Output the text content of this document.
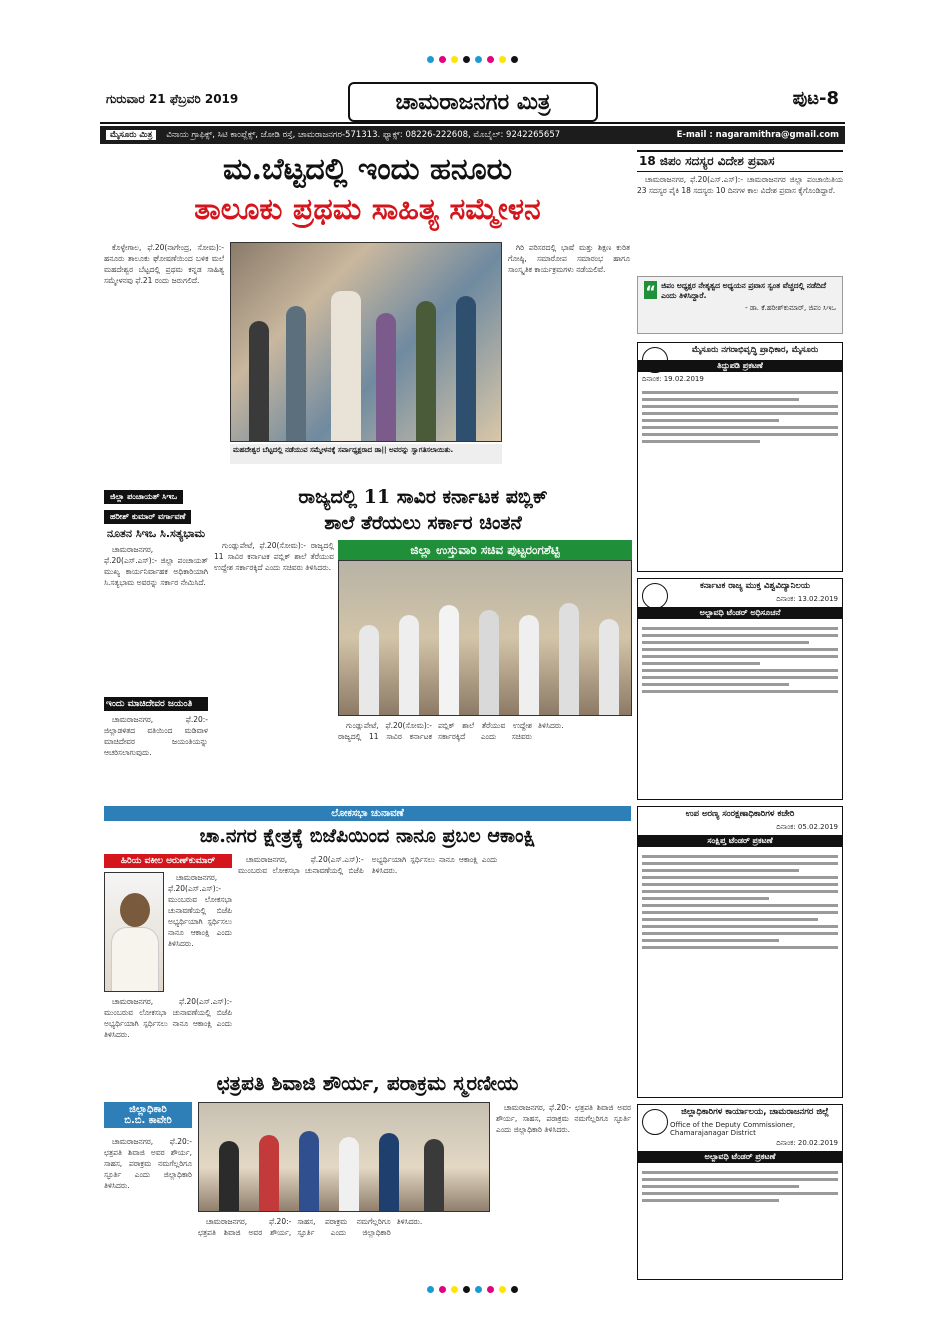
ಗುರುವಾರ 21 ಫೆಬ್ರವರಿ 2019	ಚಾಮರಾಜನಗರ ಮಿತ್ರ	ಪುಟ-8
ಮೈಸೂರು ಮಿತ್ರ	ವಿನಾಯ ಗ್ರಾಫಿಕ್ಸ್, ಸಿಟಿ ಕಾಂಪ್ಲೆಕ್ಸ್, ಜೋಡಿ ರಸ್ತೆ, ಚಾಮರಾಜನಗರ-571313. ಫ್ಯಾಕ್ಸ್: 08226-222608, ಮೊಬೈಲ್: 9242265657	E-mail : nagaramithra@gmail.com
ಮ.ಬೆಟ್ಟದಲ್ಲಿ ಇಂದು ಹನೂರು
ತಾಲೂಕು ಪ್ರಥಮ ಸಾಹಿತ್ಯ ಸಮ್ಮೇಳನ

ಕೊಳ್ಳೇಗಾಲ, ಫೆ.20(ನಾಗೇಂದ್ರ, ಸೋಮ):- ಹನೂರು ತಾಲೂಕು ಘೋಷಣೆಯಿಂದ ಬಳಿಕ ಮಲೆ ಮಹದೇಶ್ವರ ಬೆಟ್ಟದಲ್ಲಿ ಪ್ರಥಮ ಕನ್ನಡ ಸಾಹಿತ್ಯ ಸಮ್ಮೇಳನವು ಫೆ.21 ರಂದು ಜರುಗಲಿದೆ.

ಮಹದೇಶ್ವರ ಬೆಟ್ಟದಲ್ಲಿ ನಡೆಯುವ ಸಮ್ಮೇಳನಕ್ಕೆ ಸರ್ವಾಧ್ಯಕ್ಷರಾದ ಡಾ|| ಅವರನ್ನು ಸ್ವಾಗತಿಸಲಾಯಿತು.

ಗಿರಿ ಪರಿಸರದಲ್ಲಿ ಭಾಷೆ ಮತ್ತು ಶಿಕ್ಷಣ ಕುರಿತ ಗೋಷ್ಠಿ, ಸಮಾರೋಪ ಸಮಾರಂಭ ಹಾಗೂ ಸಾಂಸ್ಕೃತಿಕ ಕಾರ್ಯಕ್ರಮಗಳು ನಡೆಯಲಿವೆ.

18 ಜಿಪಂ ಸದಸ್ಯರ ವಿದೇಶ ಪ್ರವಾಸ

ಚಾಮರಾಜನಗರ, ಫೆ.20(ಎಸ್.ಎಸ್):- ಚಾಮರಾಜನಗರ ಜಿಲ್ಲಾ ಪಂಚಾಯಿತಿಯ 23 ಸದಸ್ಯರ ಪೈಕಿ 18 ಸದಸ್ಯರು 10 ದಿನಗಳ ಕಾಲ ವಿದೇಶ ಪ್ರವಾಸ ಕೈಗೊಂಡಿದ್ದಾರೆ.

“ ಜಿಪಂ ಅಧ್ಯಕ್ಷರ ನೇತೃತ್ವದ ಅಧ್ಯಯನ ಪ್ರವಾಸ ಸ್ವಂತ ವೆಚ್ಚದಲ್ಲಿ ನಡೆದಿದೆ ಎಂದು ತಿಳಿಸಿದ್ದಾರೆ.
- ಡಾ. ಕೆ.ಹರೀಶ್‌ಕುಮಾರ್, ಜಿಪಂ ಸಿಇಒ
ಮೈಸೂರು ನಗರಾಭಿವೃದ್ಧಿ ಪ್ರಾಧಿಕಾರ, ಮೈಸೂರು
ತಿದ್ದುಪಡಿ ಪ್ರಕಟಣೆ
ದಿನಾಂಕ: 19.02.2019
ಕರ್ನಾಟಕ ರಾಜ್ಯ ಮುಕ್ತ ವಿಶ್ವವಿದ್ಯಾನಿಲಯ
ದಿನಾಂಕ: 13.02.2019
ಅಲ್ಪಾವಧಿ ಟೆಂಡರ್ ಅಧಿಸೂಚನೆ
ಉಪ ಅರಣ್ಯ ಸಂರಕ್ಷಣಾಧಿಕಾರಿಗಳ ಕಚೇರಿ
ದಿನಾಂಕ: 05.02.2019
ಸಂಕ್ಷಿಪ್ತ ಟೆಂಡರ್ ಪ್ರಕಟಣೆ
ಜಿಲ್ಲಾಧಿಕಾರಿಗಳ ಕಾರ್ಯಾಲಯ, ಚಾಮರಾಜನಗರ ಜಿಲ್ಲೆ
Office of the Deputy Commissioner, Chamarajanagar District
ದಿನಾಂಕ: 20.02.2019
ಅಲ್ಪಾವಧಿ ಟೆಂಡರ್ ಪ್ರಕಟಣೆ
ಜಿಲ್ಲಾ ಪಂಚಾಯತ್ ಸಿಇಒ ಹರೀಶ್ ಕುಮಾರ್ ವರ್ಗಾವಣೆ
ನೂತನ ಸಿಇಒ ಸಿ.ಸತ್ಯಭಾಮ

ಚಾಮರಾಜನಗರ, ಫೆ.20(ಎಸ್.ಎಸ್):- ಜಿಲ್ಲಾ ಪಂಚಾಯತ್ ಮುಖ್ಯ ಕಾರ್ಯನಿರ್ವಾಹಕ ಅಧಿಕಾರಿಯಾಗಿ ಸಿ.ಸತ್ಯಭಾಮ ಅವರನ್ನು ಸರ್ಕಾರ ನೇಮಿಸಿದೆ.

ಇಂದು ಮಾಚಿದೇವರ ಜಯಂತಿ

ಚಾಮರಾಜನಗರ, ಫೆ.20:- ಜಿಲ್ಲಾಡಳಿತದ ವತಿಯಿಂದ ಮಡಿವಾಳ ಮಾಚಿದೇವರ ಜಯಂತಿಯನ್ನು ಆಚರಿಸಲಾಗುವುದು.

ರಾಜ್ಯದಲ್ಲಿ 11 ಸಾವಿರ ಕರ್ನಾಟಕ ಪಬ್ಲಿಕ್
ಶಾಲೆ ತೆರೆಯಲು ಸರ್ಕಾರ ಚಿಂತನೆ

ಗುಂಡ್ಲುಪೇಟೆ, ಫೆ.20(ಸೋಮ):- ರಾಜ್ಯದಲ್ಲಿ 11 ಸಾವಿರ ಕರ್ನಾಟಕ ಪಬ್ಲಿಕ್ ಶಾಲೆ ತೆರೆಯುವ ಉದ್ದೇಶ ಸರ್ಕಾರಕ್ಕಿದೆ ಎಂದು ಸಚಿವರು ತಿಳಿಸಿದರು.

ಜಿಲ್ಲಾ ಉಸ್ತುವಾರಿ ಸಚಿವ ಪುಟ್ಟರಂಗಶೆಟ್ಟಿ

ಗುಂಡ್ಲುಪೇಟೆ, ಫೆ.20(ಸೋಮ):- ರಾಜ್ಯದಲ್ಲಿ 11 ಸಾವಿರ ಕರ್ನಾಟಕ ಪಬ್ಲಿಕ್ ಶಾಲೆ ತೆರೆಯುವ ಉದ್ದೇಶ ಸರ್ಕಾರಕ್ಕಿದೆ ಎಂದು ಸಚಿವರು ತಿಳಿಸಿದರು.

ಲೋಕಸಭಾ ಚುನಾವಣೆ
ಚಾ.ನಗರ ಕ್ಷೇತ್ರಕ್ಕೆ ಬಿಜೆಪಿಯಿಂದ ನಾನೂ ಪ್ರಬಲ ಆಕಾಂಕ್ಷಿ
ಹಿರಿಯ ವಕೀಲ ಅರುಣ್‌ಕುಮಾರ್

ಚಾಮರಾಜನಗರ, ಫೆ.20(ಎಸ್.ಎಸ್):- ಮುಂಬರುವ ಲೋಕಸಭಾ ಚುನಾವಣೆಯಲ್ಲಿ ಬಿಜೆಪಿ ಅಭ್ಯರ್ಥಿಯಾಗಿ ಸ್ಪರ್ಧಿಸಲು ನಾನೂ ಆಕಾಂಕ್ಷಿ ಎಂದು ತಿಳಿಸಿದರು.

ಚಾಮರಾಜನಗರ, ಫೆ.20(ಎಸ್.ಎಸ್):- ಮುಂಬರುವ ಲೋಕಸಭಾ ಚುನಾವಣೆಯಲ್ಲಿ ಬಿಜೆಪಿ ಅಭ್ಯರ್ಥಿಯಾಗಿ ಸ್ಪರ್ಧಿಸಲು ನಾನೂ ಆಕಾಂಕ್ಷಿ ಎಂದು ತಿಳಿಸಿದರು.

ಚಾಮರಾಜನಗರ, ಫೆ.20(ಎಸ್.ಎಸ್):- ಮುಂಬರುವ ಲೋಕಸಭಾ ಚುನಾವಣೆಯಲ್ಲಿ ಬಿಜೆಪಿ ಅಭ್ಯರ್ಥಿಯಾಗಿ ಸ್ಪರ್ಧಿಸಲು ನಾನೂ ಆಕಾಂಕ್ಷಿ ಎಂದು ತಿಳಿಸಿದರು.

ಛತ್ರಪತಿ ಶಿವಾಜಿ ಶೌರ್ಯ, ಪರಾಕ್ರಮ ಸ್ಮರಣೀಯ
ಜಿಲ್ಲಾಧಿಕಾರಿ
ಬಿ.ಬಿ. ಕಾವೇರಿ

ಚಾಮರಾಜನಗರ, ಫೆ.20:- ಛತ್ರಪತಿ ಶಿವಾಜಿ ಅವರ ಶೌರ್ಯ, ಸಾಹಸ, ಪರಾಕ್ರಮ ನಮಗೆಲ್ಲರಿಗೂ ಸ್ಫೂರ್ತಿ ಎಂದು ಜಿಲ್ಲಾಧಿಕಾರಿ ತಿಳಿಸಿದರು.

ಚಾಮರಾಜನಗರ, ಫೆ.20:- ಛತ್ರಪತಿ ಶಿವಾಜಿ ಅವರ ಶೌರ್ಯ, ಸಾಹಸ, ಪರಾಕ್ರಮ ನಮಗೆಲ್ಲರಿಗೂ ಸ್ಫೂರ್ತಿ ಎಂದು ಜಿಲ್ಲಾಧಿಕಾರಿ ತಿಳಿಸಿದರು.

ಚಾಮರಾಜನಗರ, ಫೆ.20:- ಛತ್ರಪತಿ ಶಿವಾಜಿ ಅವರ ಶೌರ್ಯ, ಸಾಹಸ, ಪರಾಕ್ರಮ ನಮಗೆಲ್ಲರಿಗೂ ಸ್ಫೂರ್ತಿ ಎಂದು ಜಿಲ್ಲಾಧಿಕಾರಿ ತಿಳಿಸಿದರು.
